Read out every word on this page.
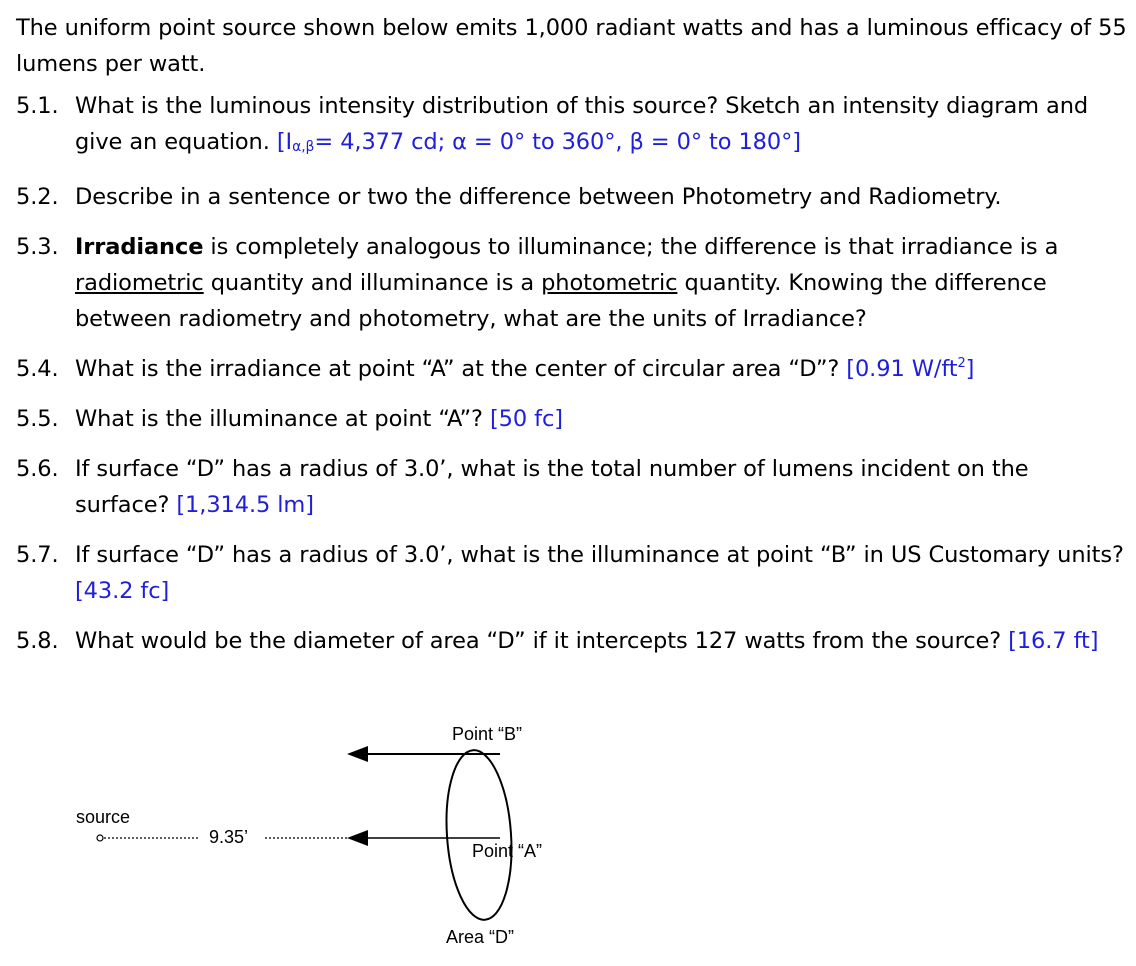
The uniform point source shown below emits 1,000 radiant watts and has a luminous efficacy of 55 lumens per watt.

5.1. What is the luminous intensity distribution of this source? Sketch an intensity diagram and give an equation. [$I_{\alpha,\beta}= 4,377$ cd; α = 0° to 360°, β = 0° to 180°]

5.2. Describe in a sentence or two the difference between Photometry and Radiometry.

5.3. Irradiance is completely analogous to illuminance; the difference is that irradiance is a radiometric quantity and illuminance is a photometric quantity. Knowing the difference between radiometry and photometry, what are the units of Irradiance?

5.4. What is the irradiance at point “A” at the center of circular area “D”? [0.91 $W/ft^2$]

5.5. What is the illuminance at point “A”? [50 fc]

5.6. If surface “D” has a radius of 3.0’, what is the total number of lumens incident on the surface? [1,314.5 lm]

5.7. If surface “D” has a radius of 3.0’, what is the illuminance at point “B” in US Customary units? [43.2 fc]

5.8. What would be the diameter of area “D” if it intercepts 127 watts from the source? [16.7 ft]

Point “B”
source
9.35’
Point “A”
Area “D”
